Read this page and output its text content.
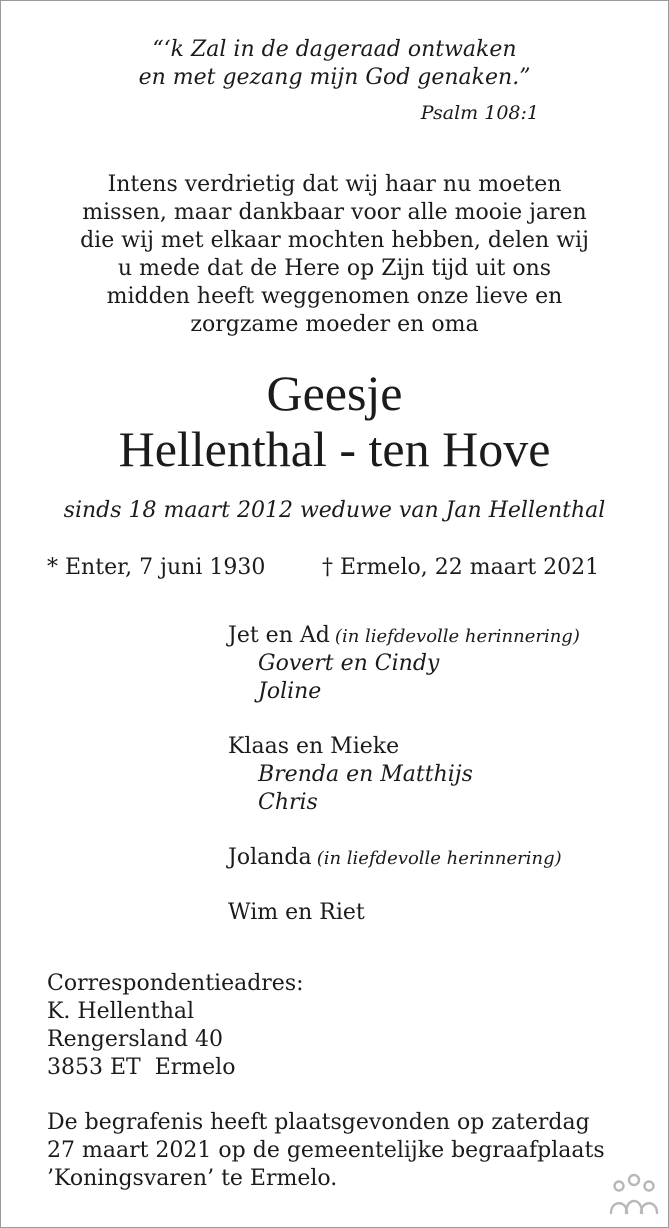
“‘k Zal in de dageraad ontwaken
en met gezang mijn God genaken.”
Psalm 108:1
Intens verdrietig dat wij haar nu moeten
missen, maar dankbaar voor alle mooie jaren
die wij met elkaar mochten hebben, delen wij
u mede dat de Here op Zijn tijd uit ons
midden heeft weggenomen onze lieve en
zorgzame moeder en oma
Geesje
Hellenthal - ten Hove
sinds 18 maart 2012 weduwe van Jan Hellenthal
* Enter, 7 juni 1930	† Ermelo, 22 maart 2021
Jet en Ad (in liefdevolle herinnering)
Govert en Cindy
Joline
Klaas en Mieke
Brenda en Matthijs
Chris
Jolanda (in liefdevolle herinnering)
Wim en Riet
Correspondentieadres:
K. Hellenthal
Rengersland 40
3853 ET  Ermelo
De begrafenis heeft plaatsgevonden op zaterdag
27 maart 2021 op de gemeentelijke begraafplaats
’Koningsvaren’ te Ermelo.
